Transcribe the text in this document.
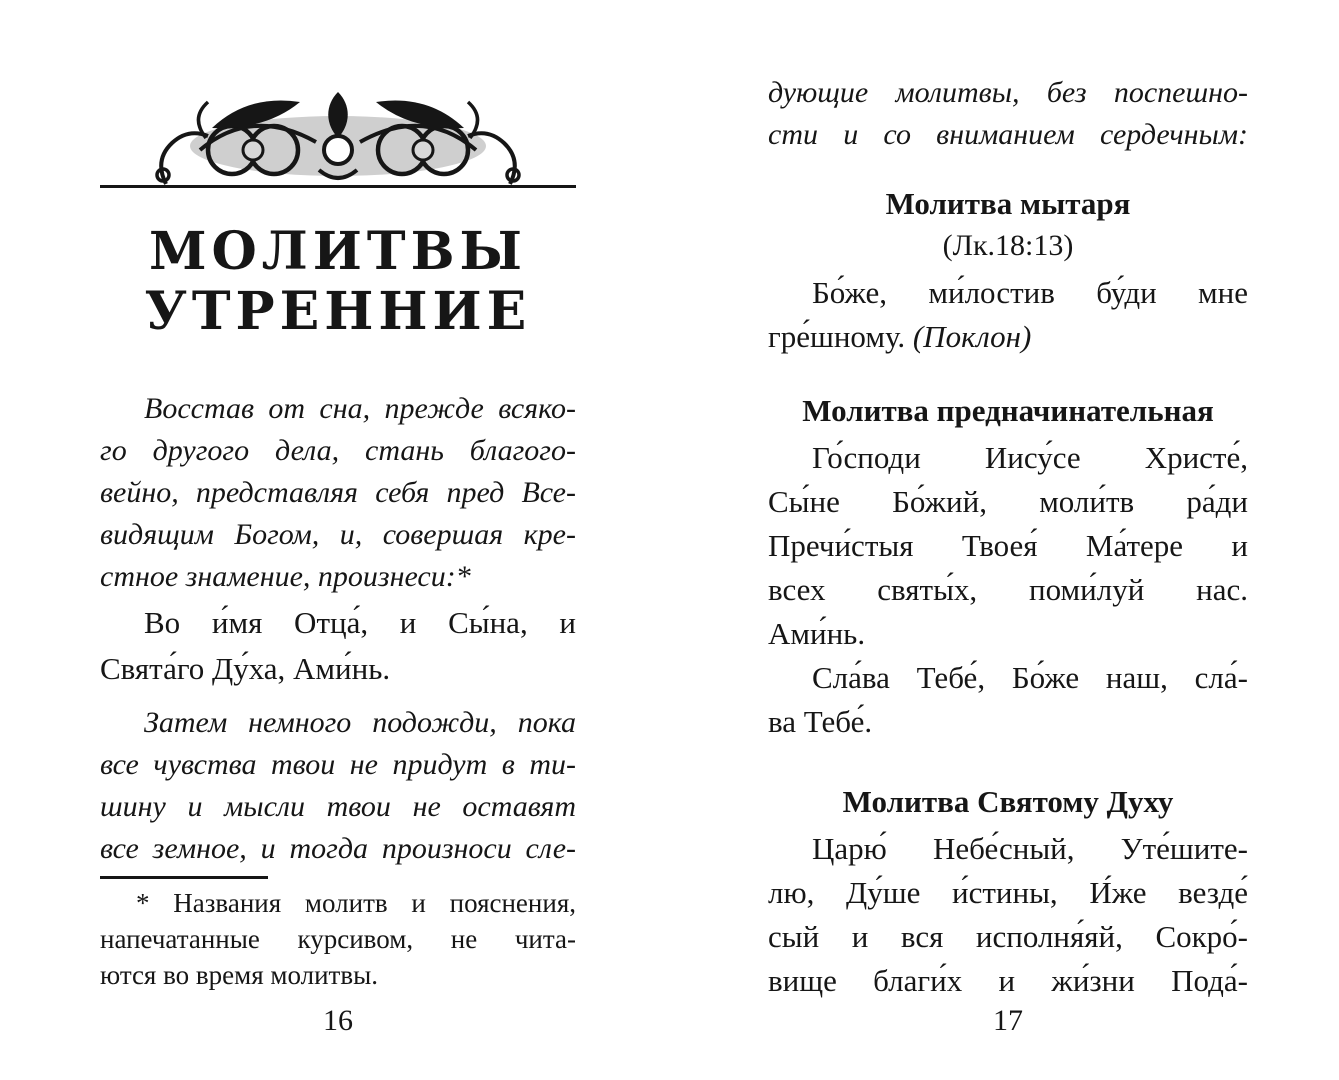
МОЛИТВЫ
УТРЕННИЕ
Восстав от сна, прежде всяко-
го другого дела, стань благого-
вейно, представляя себя пред Все-
видящим Богом, и, совершая кре-
стное знамение, произнеси:*
Во и́мя Отца́, и Сы́на, и
Свята́го Ду́ха, Ами́нь.
Затем немного подожди, пока
все чувства твои не придут в ти-
шину и мысли твои не оставят
все земное, и тогда произноси сле-
* Названия молитв и пояснения,
напечатанные курсивом, не чита-
ются во время молитвы.
дующие молитвы, без поспешно-
сти и со вниманием сердечным:
Молитва мытаря
(Лк.18:13)
Бо́же, ми́лостив бу́ди мне
гре́шному. (Поклон)
Молитва предначинательная
Го́споди Иису́се Христе́,
Сы́не Бо́жий, моли́тв ра́ди
Пречи́стыя Твоея́ Ма́тере и
всех святы́х, поми́луй нас.
Ами́нь.
Сла́ва Тебе́, Бо́же наш, сла́-
ва Тебе́.
Молитва Святому Духу
Царю́ Небе́сный, Уте́шите-
лю, Ду́ше и́стины, И́же везде́
сый и вся исполня́яй, Сокро́-
вище благи́х и жи́зни Пода́-
16	17
